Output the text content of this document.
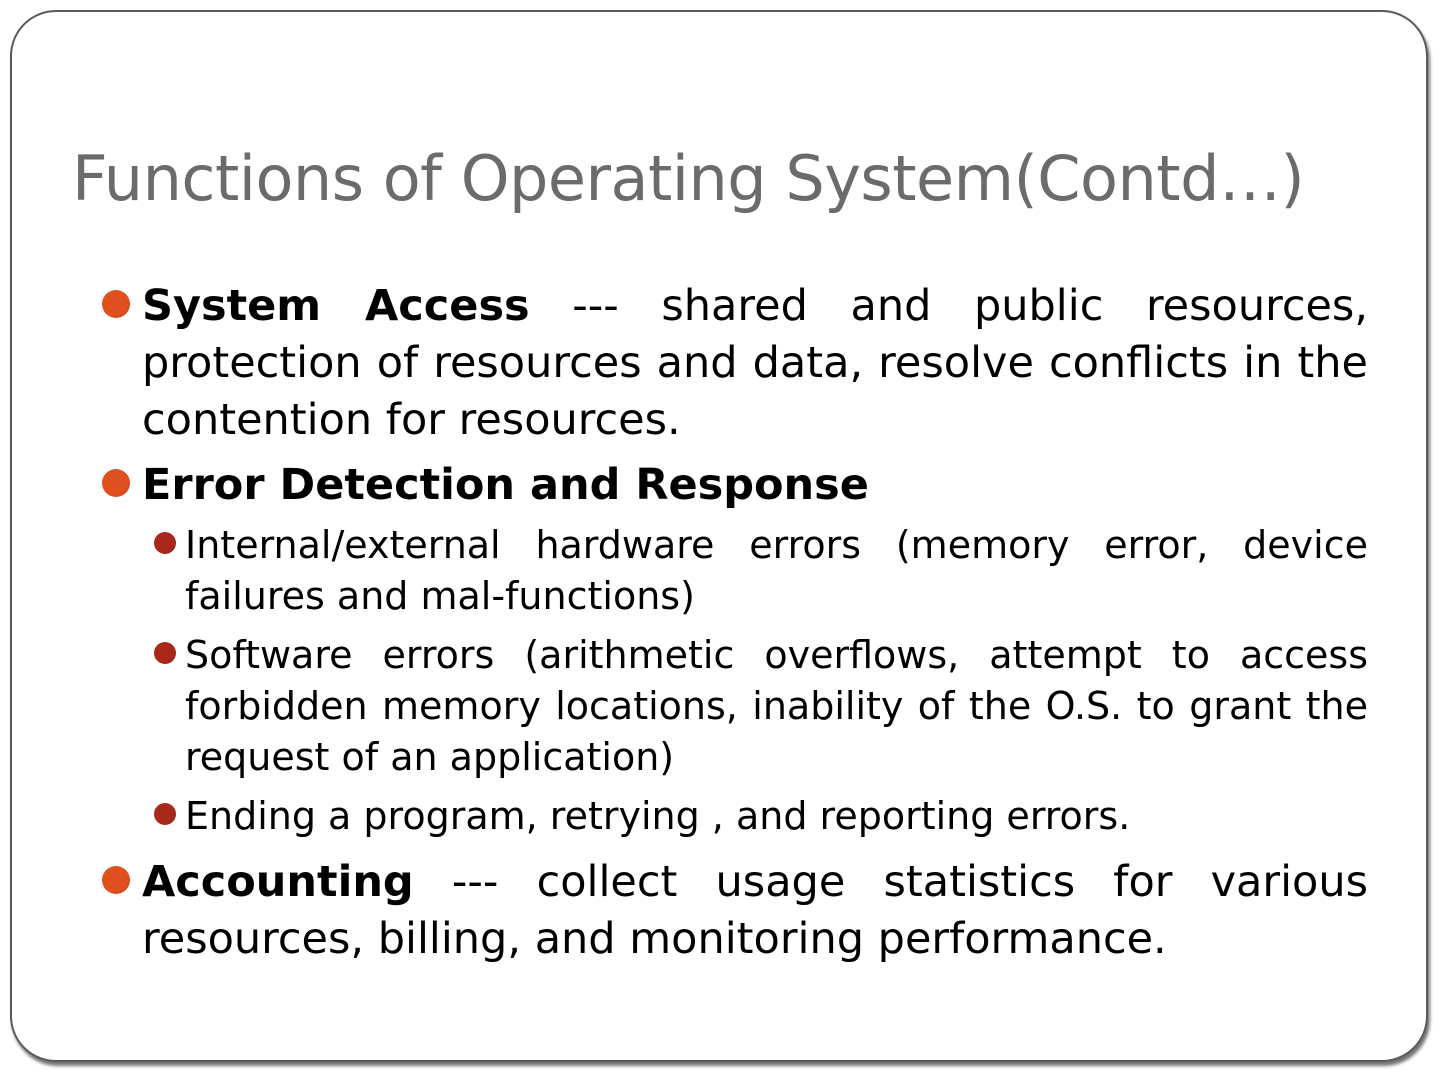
Functions of Operating System(Contd…)
System Access --- shared and public resources, protection of resources and data, resolve conflicts in the contention for resources.
Error Detection and Response
Internal/external hardware errors (memory error, device failures and mal-functions)
Software errors (arithmetic overflows, attempt to access forbidden memory locations, inability of the O.S. to grant the request of an application)
Ending a program, retrying , and reporting errors.
Accounting --- collect usage statistics for various resources, billing, and monitoring performance.
